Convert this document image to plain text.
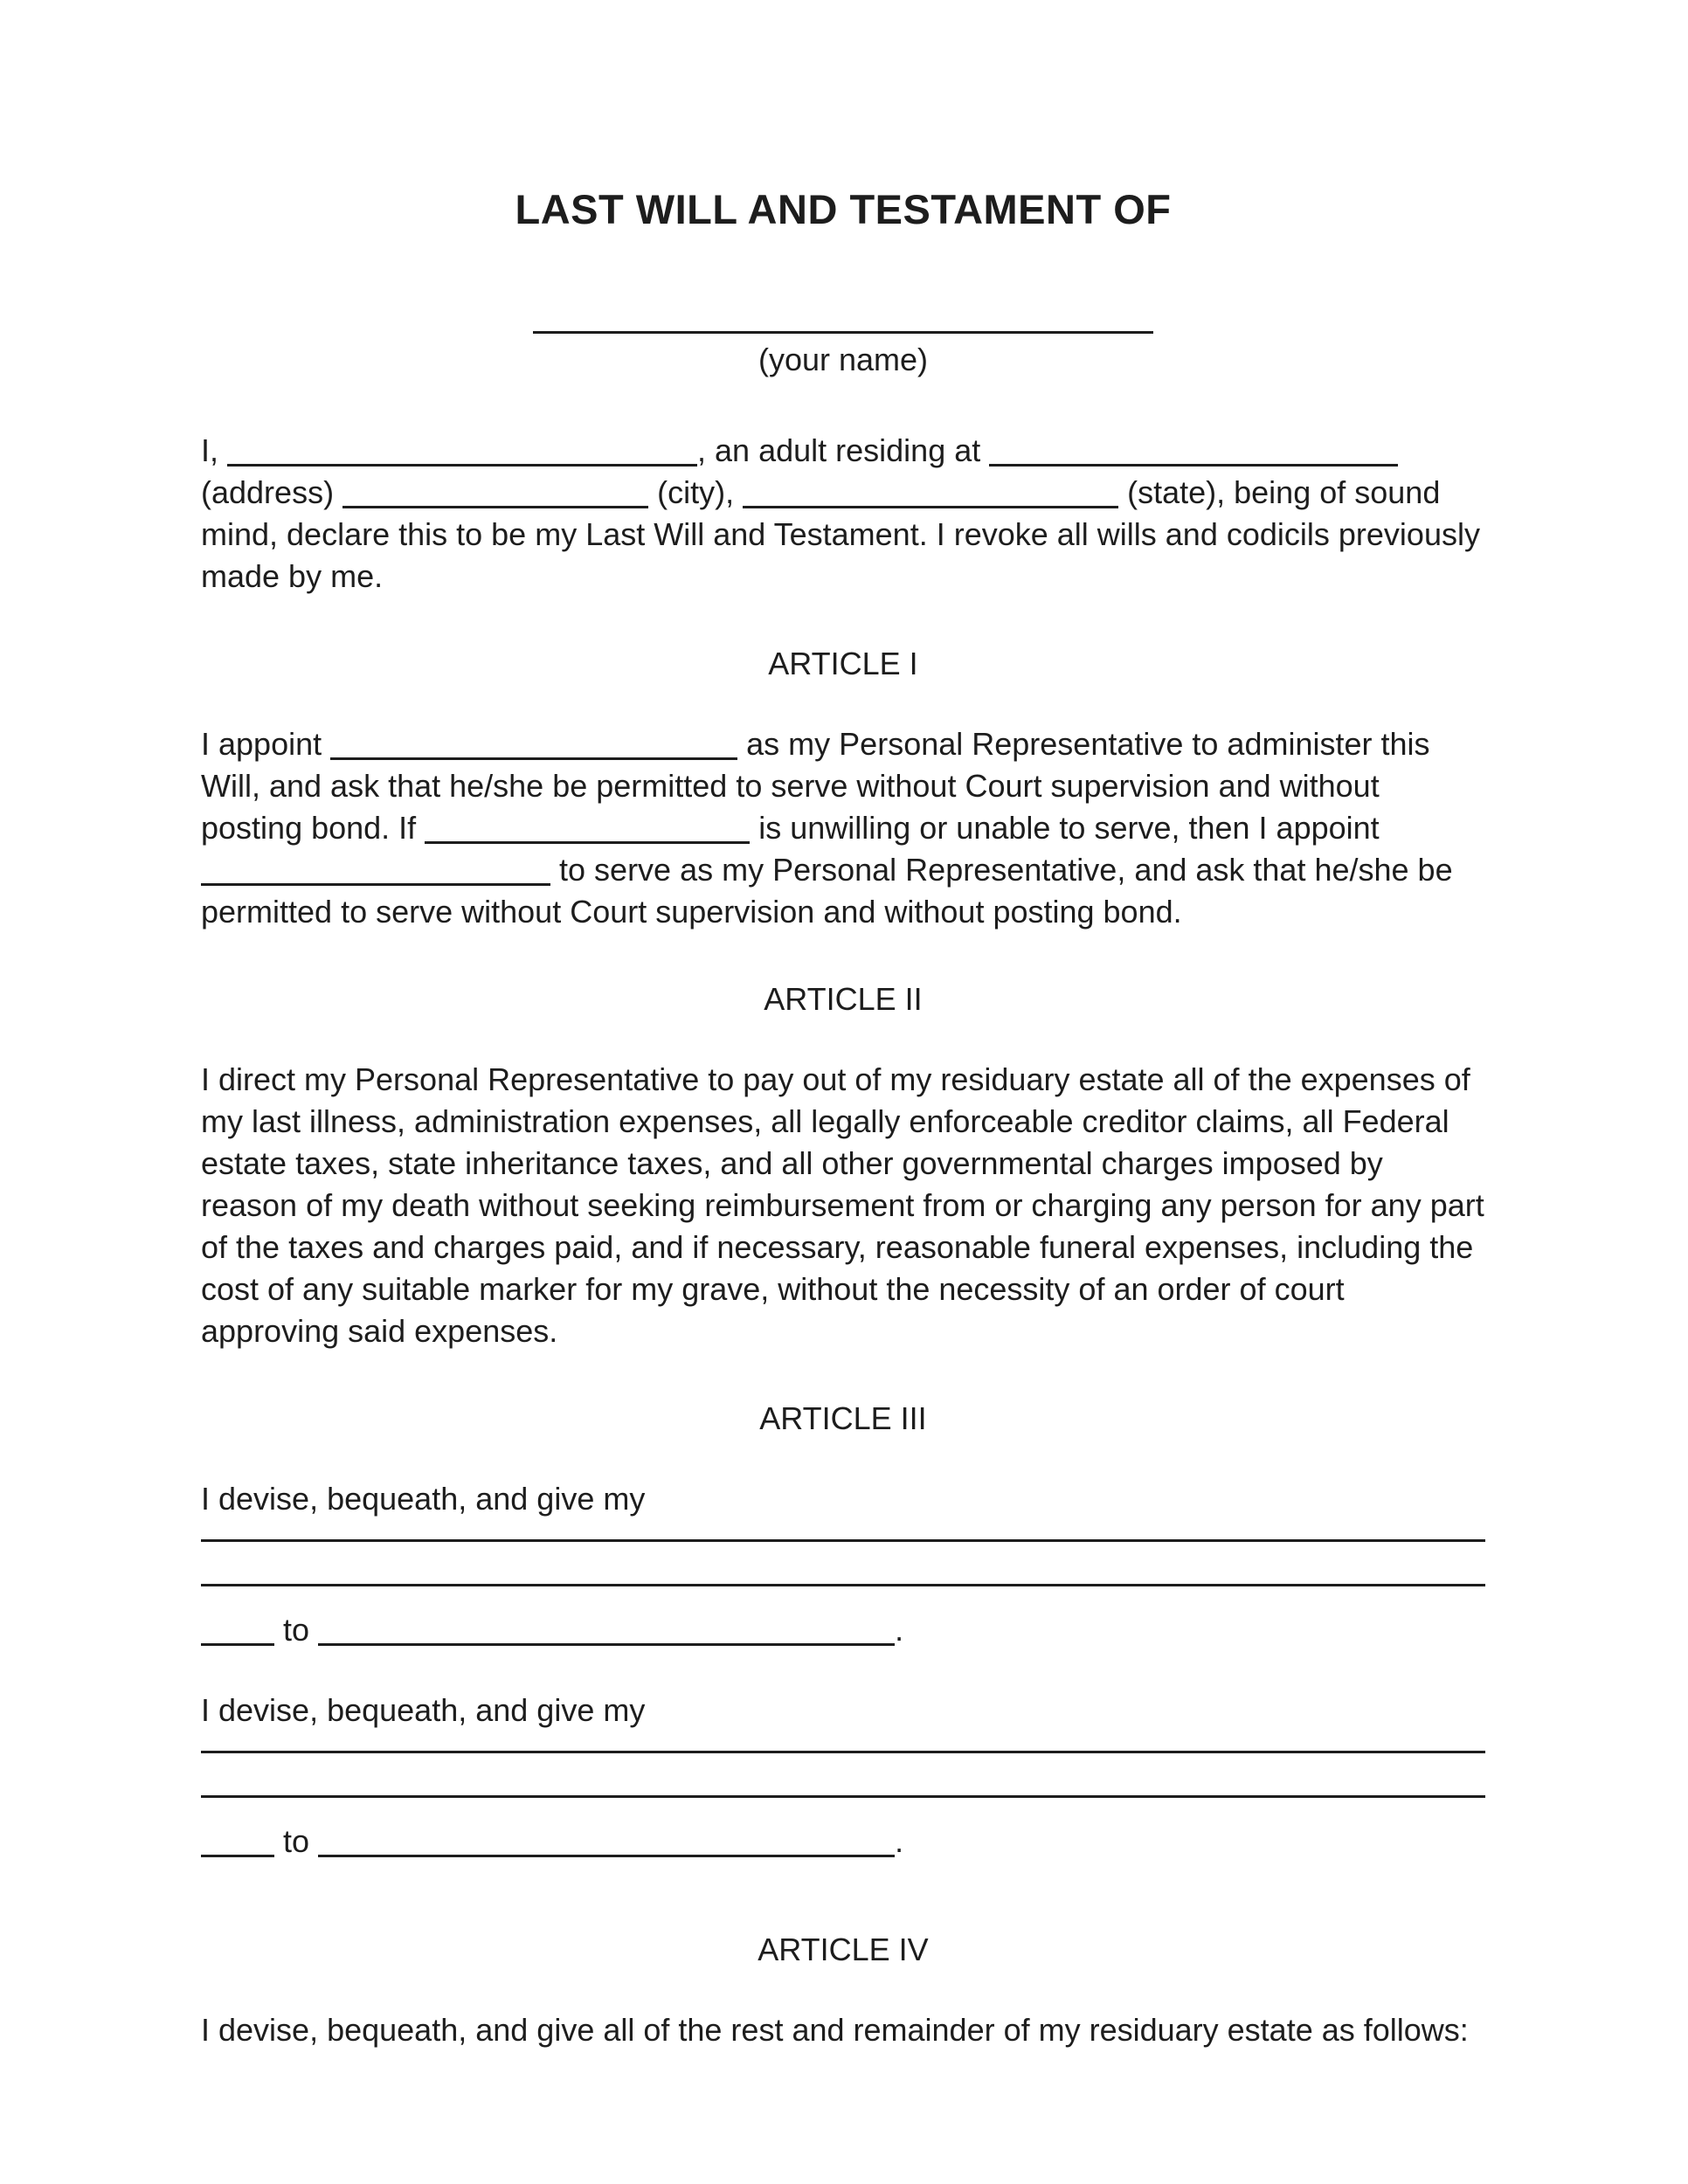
LAST WILL AND TESTAMENT OF

(your name)

I,	, an adult residing at  (address)	(city),	(state), being of sound mind, declare this to be my Last Will and Testament. I revoke all wills and codicils previously made by me.

ARTICLE I

I appoint	as my Personal Representative to administer this Will, and ask that he/she be permitted to serve without Court supervision and without posting bond. If	is unwilling or unable to serve, then I appoint  to serve as my Personal Representative, and ask that he/she be permitted to serve without Court supervision and without posting bond.

ARTICLE II

I direct my Personal Representative to pay out of my residuary estate all of the expenses of my last illness, administration expenses, all legally enforceable creditor claims, all Federal estate taxes, state inheritance taxes, and all other governmental charges imposed by reason of my death without seeking reimbursement from or charging any person for any part of the taxes and charges paid, and if necessary, reasonable funeral expenses, including the cost of any suitable marker for my grave, without the necessity of an order of court approving said expenses.

ARTICLE III

I devise, bequeath, and give my

to	.

I devise, bequeath, and give my

to	.

ARTICLE IV

I devise, bequeath, and give all of the rest and remainder of my residuary estate as follows:
